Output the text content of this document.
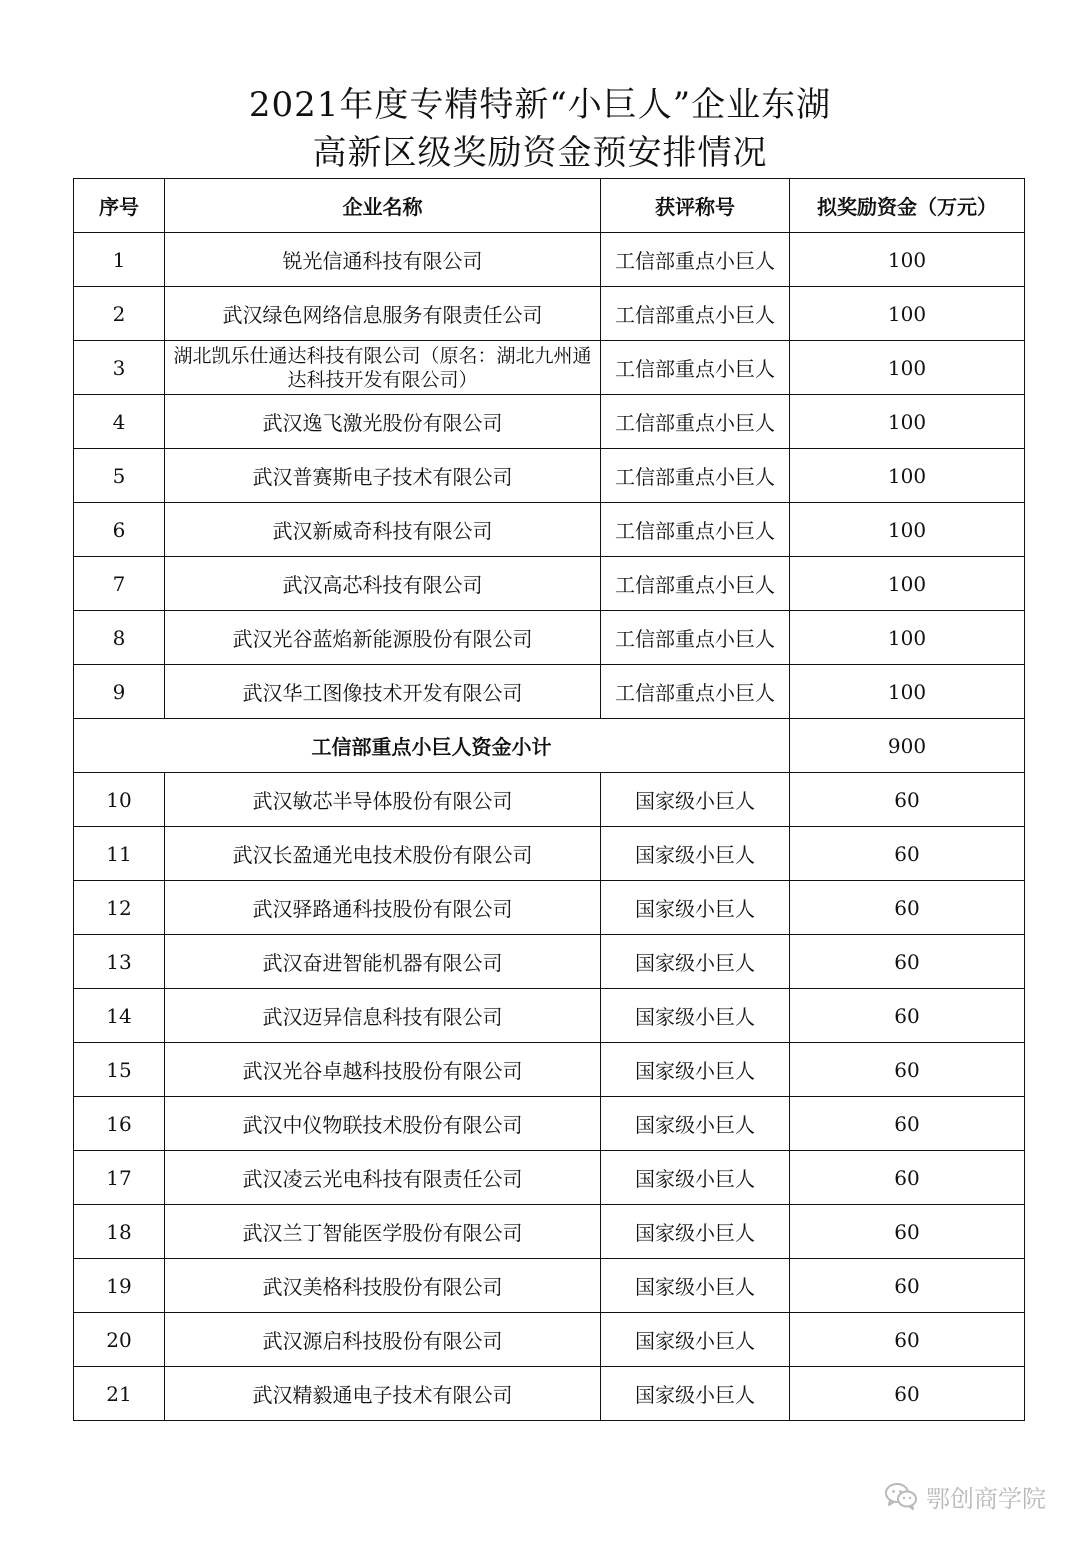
2021年度专精特新“小巨人”企业东湖
高新区级奖励资金预安排情况
序号	企业名称	获评称号	拟奖励资金（万元）
1	锐光信通科技有限公司	工信部重点小巨人	100
2	武汉绿色网络信息服务有限责任公司	工信部重点小巨人	100
3	湖北凯乐仕通达科技有限公司（原名：湖北九州通达科技开发有限公司）	工信部重点小巨人	100
4	武汉逸飞激光股份有限公司	工信部重点小巨人	100
5	武汉普赛斯电子技术有限公司	工信部重点小巨人	100
6	武汉新威奇科技有限公司	工信部重点小巨人	100
7	武汉高芯科技有限公司	工信部重点小巨人	100
8	武汉光谷蓝焰新能源股份有限公司	工信部重点小巨人	100
9	武汉华工图像技术开发有限公司	工信部重点小巨人	100
工信部重点小巨人资金小计			900
10	武汉敏芯半导体股份有限公司	国家级小巨人	60
11	武汉长盈通光电技术股份有限公司	国家级小巨人	60
12	武汉驿路通科技股份有限公司	国家级小巨人	60
13	武汉奋进智能机器有限公司	国家级小巨人	60
14	武汉迈异信息科技有限公司	国家级小巨人	60
15	武汉光谷卓越科技股份有限公司	国家级小巨人	60
16	武汉中仪物联技术股份有限公司	国家级小巨人	60
17	武汉凌云光电科技有限责任公司	国家级小巨人	60
18	武汉兰丁智能医学股份有限公司	国家级小巨人	60
19	武汉美格科技股份有限公司	国家级小巨人	60
20	武汉源启科技股份有限公司	国家级小巨人	60
21	武汉精毅通电子技术有限公司	国家级小巨人	60
鄂创商学院
